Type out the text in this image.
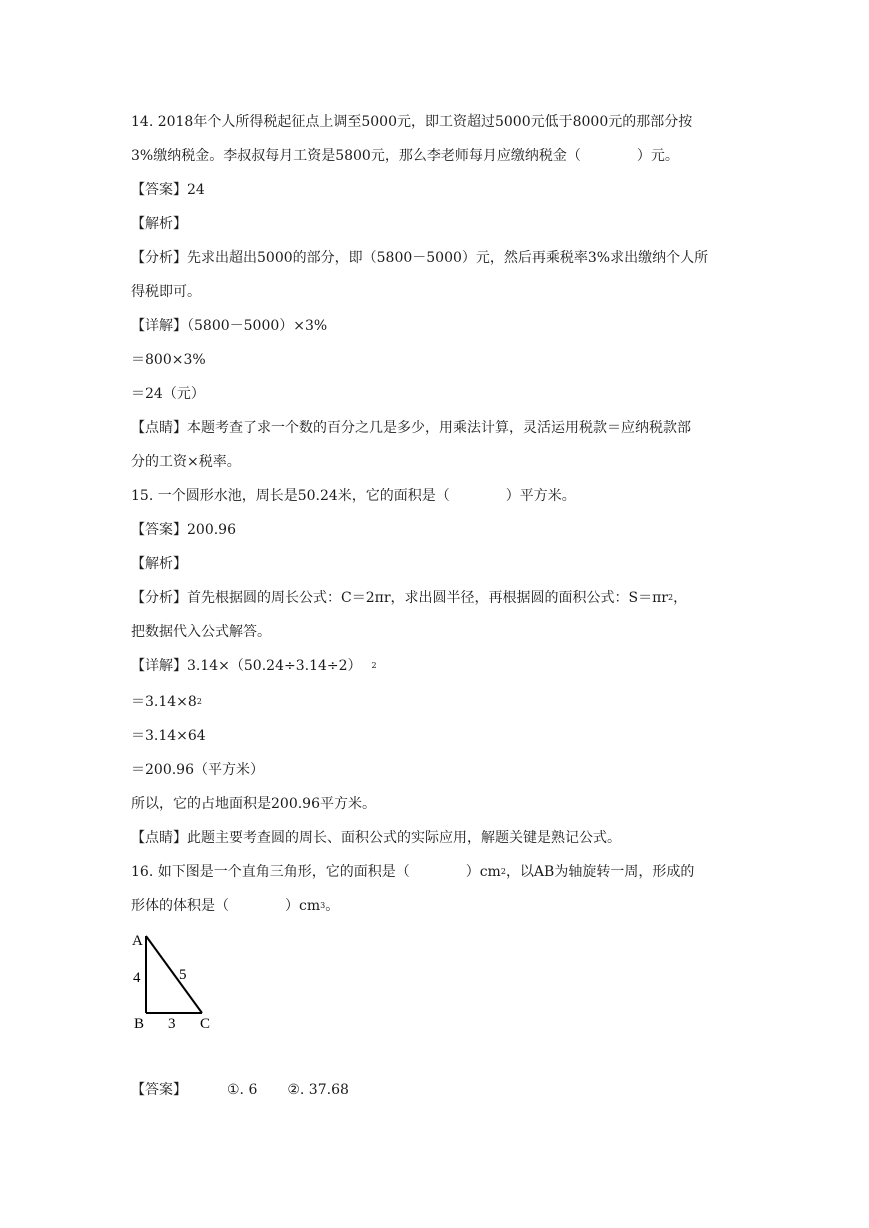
14. 2018年个人所得税起征点上调至5000元，即工资超过5000元低于8000元的那部分按
3%缴纳税金。李叔叔每月工资是5800元，那么李老师每月应缴纳税金（　　　　）元。
【答案】24
【解析】
【分析】先求出超出5000的部分，即（5800－5000）元，然后再乘税率3%求出缴纳个人所
得税即可。
【详解】（5800－5000）×3%
＝800×3%
＝24（元）
【点睛】本题考查了求一个数的百分之几是多少，用乘法计算，灵活运用税款＝应纳税款部
分的工资×税率。
15. 一个圆形水池，周长是50.24米，它的面积是（　　　　）平方米。
【答案】200.96
【解析】
【分析】首先根据圆的周长公式：C＝2πr，求出圆半径，再根据圆的面积公式：$S=\pi r^2$，
把数据代入公式解答。
【详解】3.14×（50.24÷3.14÷2） $^2$
$=3.14\times 8^2$
＝3.14×64
＝200.96（平方米）
所以，它的占地面积是200.96平方米。
【点睛】此题主要考查圆的周长、面积公式的实际应用，解题关键是熟记公式。
16. 如下图是一个直角三角形，它的面积是（　　　　）$cm^2$，以AB为轴旋转一周，形成的
形体的体积是（　　　　）$cm^3$。
A
4	5
B 3 C
【答案】	①. 6 ②. 37.68
